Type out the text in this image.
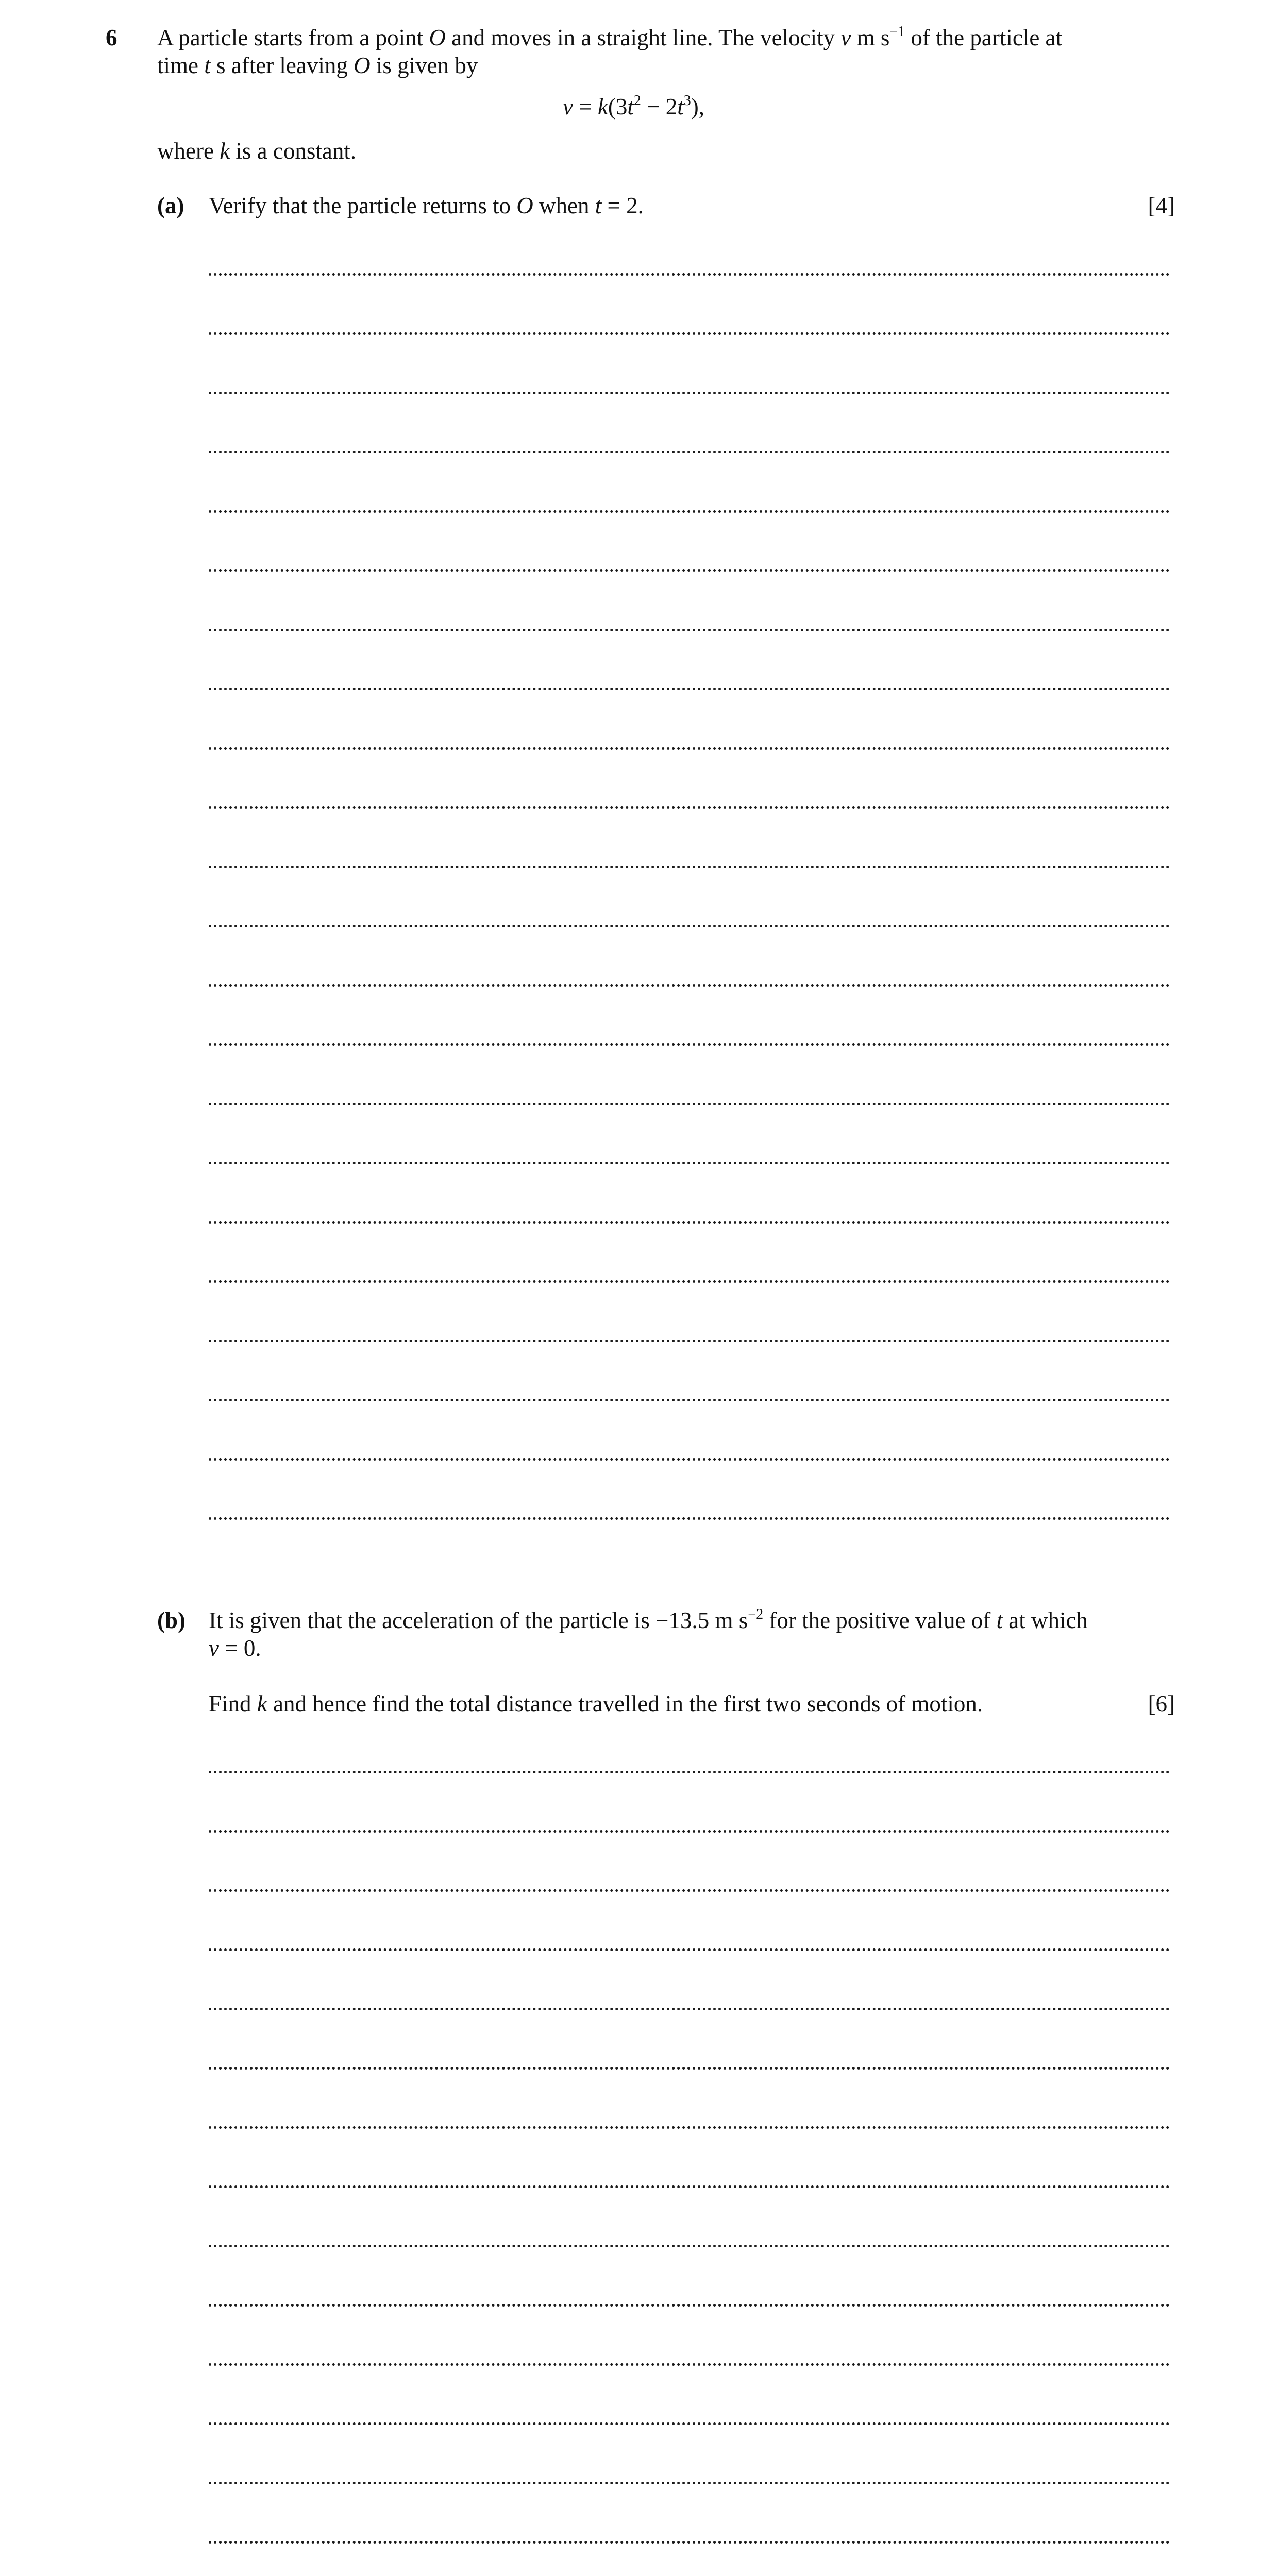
6 A particle starts from a point O and moves in a straight line. The velocity v m $s^{-1}$ of the particle at
time t s after leaving O is given by
$v = k(3t^2 - 2t^3)$,
where k is a constant.
(a) Verify that the particle returns to O when t = 2.	[4]
(b) It is given that the acceleration of the particle is −13.5 m $s^{-2}$ for the positive value of t at which
v = 0.
Find k and hence find the total distance travelled in the first two seconds of motion.	[6]
